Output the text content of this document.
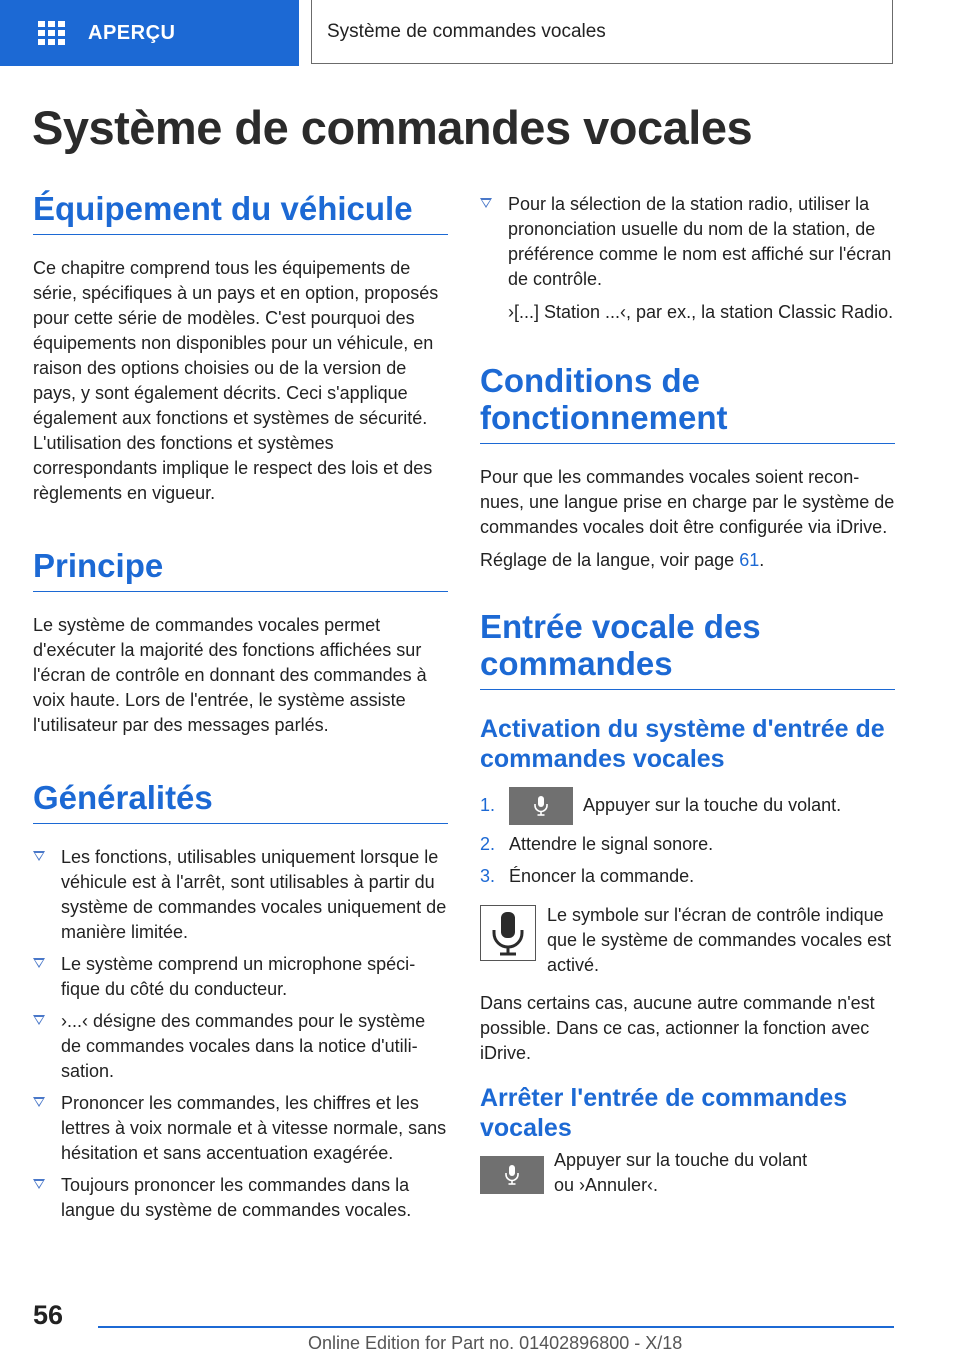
APERÇU	Système de commandes vocales
Système de commandes vocales
Équipement du véhicule

Ce chapitre comprend tous les équipements de série, spécifiques à un pays et en option, proposés pour cette série de modèles. C'est pourquoi des équipements non disponibles pour un véhicule, en raison des options choisies ou de la version de pays, y sont également décrits. Ceci s'applique également aux fonctions et systèmes de sécurité. L'utilisation des fonctions et systèmes correspondants implique le respect des lois et des règlements en vigueur.

Principe

Le système de commandes vocales permet d'exécuter la majorité des fonctions affichées sur l'écran de contrôle en donnant des commandes à voix haute. Lors de l'entrée, le système assiste l'utilisateur par des messages parlés.

Généralités
Les fonctions, utilisables uniquement lorsque le véhicule est à l'arrêt, sont utilisables à partir du système de commandes vocales uniquement de manière limitée.
Le système comprend un microphone spécifique du côté du conducteur.
›...‹ désigne des commandes pour le système de commandes vocales dans la notice d'utilisation.
Prononcer les commandes, les chiffres et les lettres à voix normale et à vitesse normale, sans hésitation et sans accentuation exagérée.
Toujours prononcer les commandes dans la langue du système de commandes vocales.
Pour la sélection de la station radio, utiliser la prononciation usuelle du nom de la station, de préférence comme le nom est affiché sur l'écran de contrôle.

›[...] Station ...‹, par ex., la station Classic Radio.

Conditions de fonctionnement

Pour que les commandes vocales soient reconnues, une langue prise en charge par le système de commandes vocales doit être configurée via iDrive.

Réglage de la langue, voir page 61.

Entrée vocale des commandes
Activation du système d'entrée de commandes vocales
1.	Appuyer sur la touche du volant.
2. Attendre le signal sonore.
3. Énoncer la commande.

Le symbole sur l'écran de contrôle indique que le système de commandes vocales est activé.

Dans certains cas, aucune autre commande n'est possible. Dans ce cas, actionner la fonction avec iDrive.

Arrêter l'entrée de commandes vocales

Appuyer sur la touche du volant

ou ›Annuler‹.

56
Online Edition for Part no. 01402896800 - X/18
